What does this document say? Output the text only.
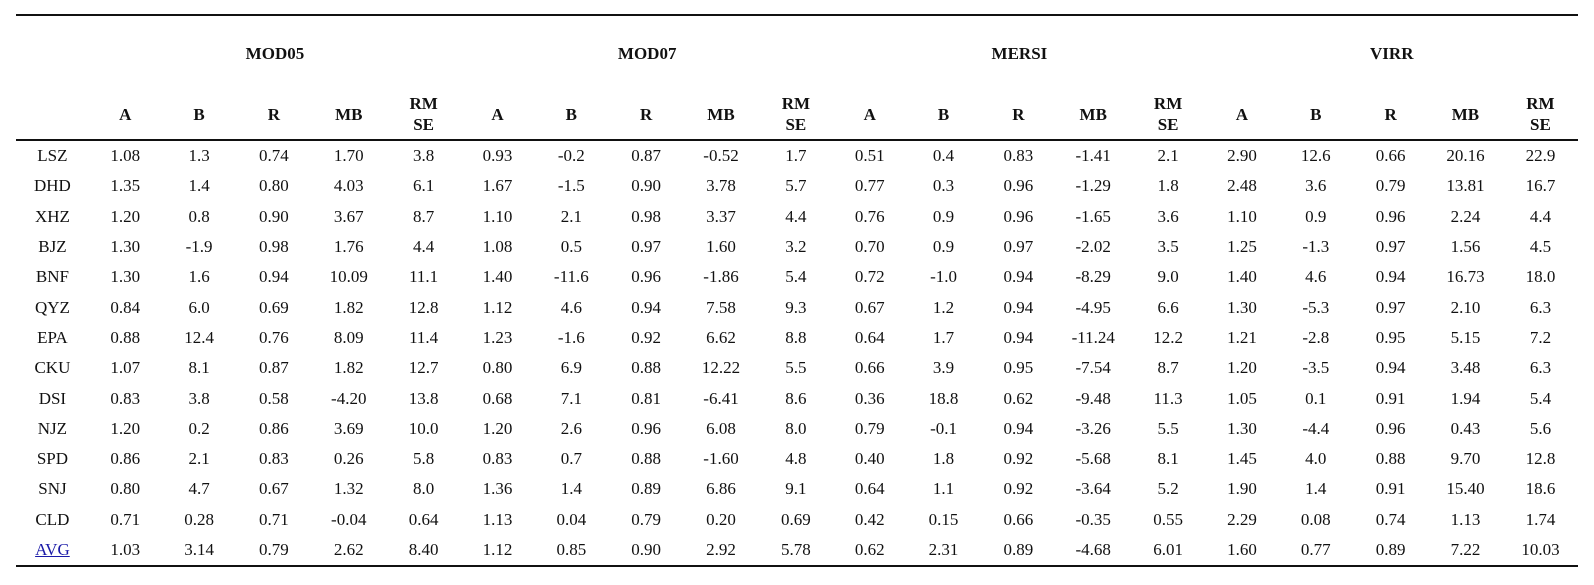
	MOD05					MOD07					MERSI					VIRR				
	A	B	R	MB	RM SE	A	B	R	MB	RM SE	A	B	R	MB	RM SE	A	B	R	MB	RM SE
LSZ	1.08	1.3	0.74	1.70	3.8	0.93	-0.2	0.87	-0.52	1.7	0.51	0.4	0.83	-1.41	2.1	2.90	12.6	0.66	20.16	22.9
DHD	1.35	1.4	0.80	4.03	6.1	1.67	-1.5	0.90	3.78	5.7	0.77	0.3	0.96	-1.29	1.8	2.48	3.6	0.79	13.81	16.7
XHZ	1.20	0.8	0.90	3.67	8.7	1.10	2.1	0.98	3.37	4.4	0.76	0.9	0.96	-1.65	3.6	1.10	0.9	0.96	2.24	4.4
BJZ	1.30	-1.9	0.98	1.76	4.4	1.08	0.5	0.97	1.60	3.2	0.70	0.9	0.97	-2.02	3.5	1.25	-1.3	0.97	1.56	4.5
BNF	1.30	1.6	0.94	10.09	11.1	1.40	-11.6	0.96	-1.86	5.4	0.72	-1.0	0.94	-8.29	9.0	1.40	4.6	0.94	16.73	18.0
QYZ	0.84	6.0	0.69	1.82	12.8	1.12	4.6	0.94	7.58	9.3	0.67	1.2	0.94	-4.95	6.6	1.30	-5.3	0.97	2.10	6.3
EPA	0.88	12.4	0.76	8.09	11.4	1.23	-1.6	0.92	6.62	8.8	0.64	1.7	0.94	-11.24	12.2	1.21	-2.8	0.95	5.15	7.2
CKU	1.07	8.1	0.87	1.82	12.7	0.80	6.9	0.88	12.22	5.5	0.66	3.9	0.95	-7.54	8.7	1.20	-3.5	0.94	3.48	6.3
DSI	0.83	3.8	0.58	-4.20	13.8	0.68	7.1	0.81	-6.41	8.6	0.36	18.8	0.62	-9.48	11.3	1.05	0.1	0.91	1.94	5.4
NJZ	1.20	0.2	0.86	3.69	10.0	1.20	2.6	0.96	6.08	8.0	0.79	-0.1	0.94	-3.26	5.5	1.30	-4.4	0.96	0.43	5.6
SPD	0.86	2.1	0.83	0.26	5.8	0.83	0.7	0.88	-1.60	4.8	0.40	1.8	0.92	-5.68	8.1	1.45	4.0	0.88	9.70	12.8
SNJ	0.80	4.7	0.67	1.32	8.0	1.36	1.4	0.89	6.86	9.1	0.64	1.1	0.92	-3.64	5.2	1.90	1.4	0.91	15.40	18.6
CLD	0.71	0.28	0.71	-0.04	0.64	1.13	0.04	0.79	0.20	0.69	0.42	0.15	0.66	-0.35	0.55	2.29	0.08	0.74	1.13	1.74
AVG	1.03	3.14	0.79	2.62	8.40	1.12	0.85	0.90	2.92	5.78	0.62	2.31	0.89	-4.68	6.01	1.60	0.77	0.89	7.22	10.03
